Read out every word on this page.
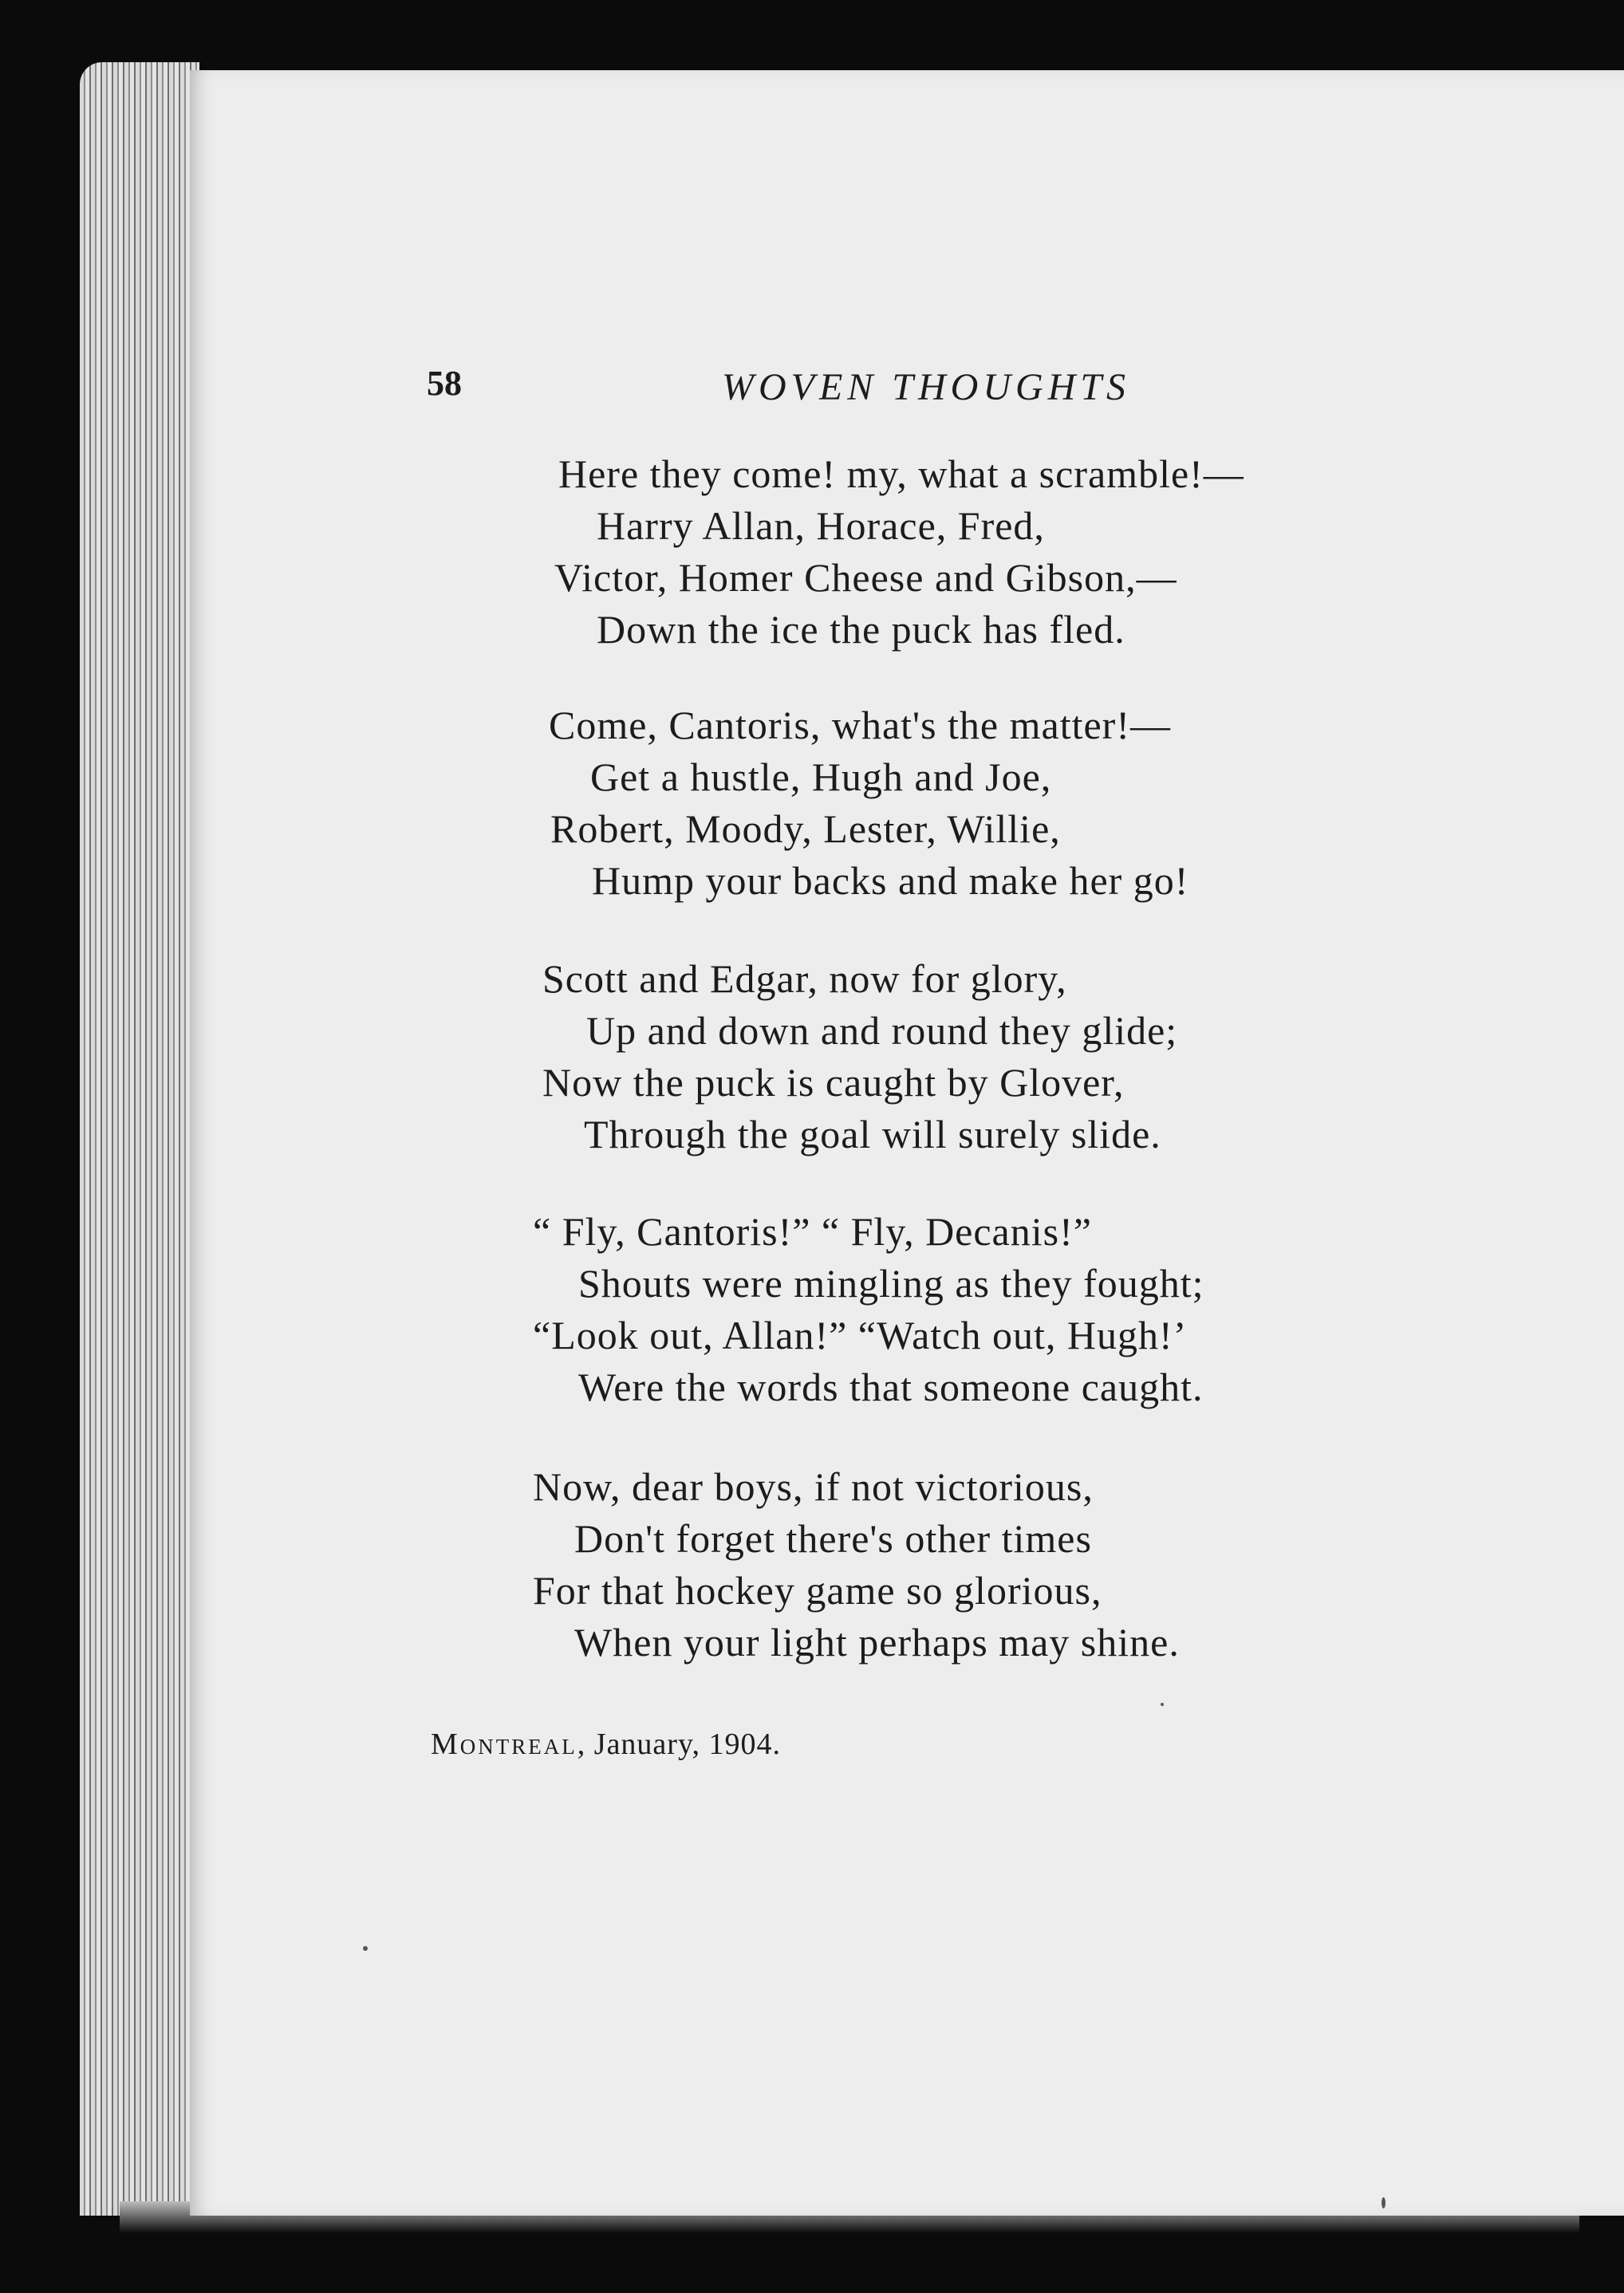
58	WOVEN THOUGHTS
Here they come! my, what a scramble!—
Harry Allan, Horace, Fred,
Victor, Homer Cheese and Gibson,—
Down the ice the puck has fled.
Come, Cantoris, what's the matter!—
Get a hustle, Hugh and Joe,
Robert, Moody, Lester, Willie,
Hump your backs and make her go!
Scott and Edgar, now for glory,
Up and down and round they glide;
Now the puck is caught by Glover,
Through the goal will surely slide.
“ Fly, Cantoris!” “ Fly, Decanis!”
Shouts were mingling as they fought;
“Look out, Allan!” “Watch out, Hugh!’
Were the words that someone caught.
Now, dear boys, if not victorious,
Don't forget there's other times
For that hockey game so glorious,
When your light perhaps may shine.
Montreal, January, 1904.
